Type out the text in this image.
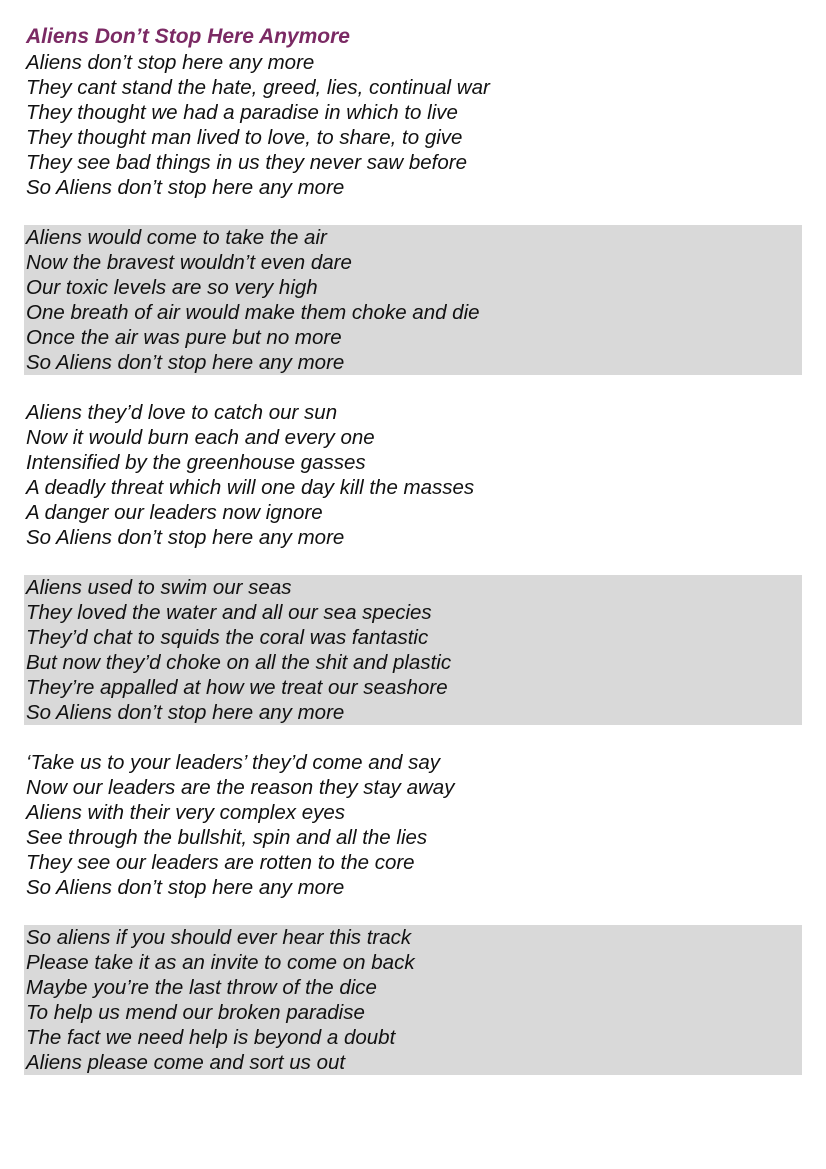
Aliens Don’t Stop Here Anymore
Aliens don’t stop here any more
They cant stand the hate, greed, lies, continual war
They thought we had a paradise in which to live
They thought man lived to love, to share, to give
They see bad things in us they never saw before
So Aliens don’t stop here any more
Aliens would come to take the air
Now the bravest wouldn’t even dare
Our toxic levels are so very high
One breath of air would make them choke and die
Once the air was pure but no more
So Aliens don’t stop here any more
Aliens they’d love to catch our sun
Now it would burn each and every one
Intensified by the greenhouse gasses
A deadly threat which will one day kill the masses
A danger our leaders now ignore
So Aliens don’t stop here any more
Aliens used to swim our seas
They loved the water and all our sea species
They’d chat to squids the coral was fantastic
But now they’d choke on all the shit and plastic
They’re appalled at how we treat our seashore
So Aliens don’t stop here any more
‘Take us to your leaders’ they’d come and say
Now our leaders are the reason they stay away
Aliens with their very complex eyes
See through the bullshit, spin and all the lies
They see our leaders are rotten to the core
So Aliens don’t stop here any more
So aliens if you should ever hear this track
Please take it as an invite to come on back
Maybe you’re the last throw of the dice
To help us mend our broken paradise
The fact we need help is beyond a doubt
Aliens please come and sort us out
